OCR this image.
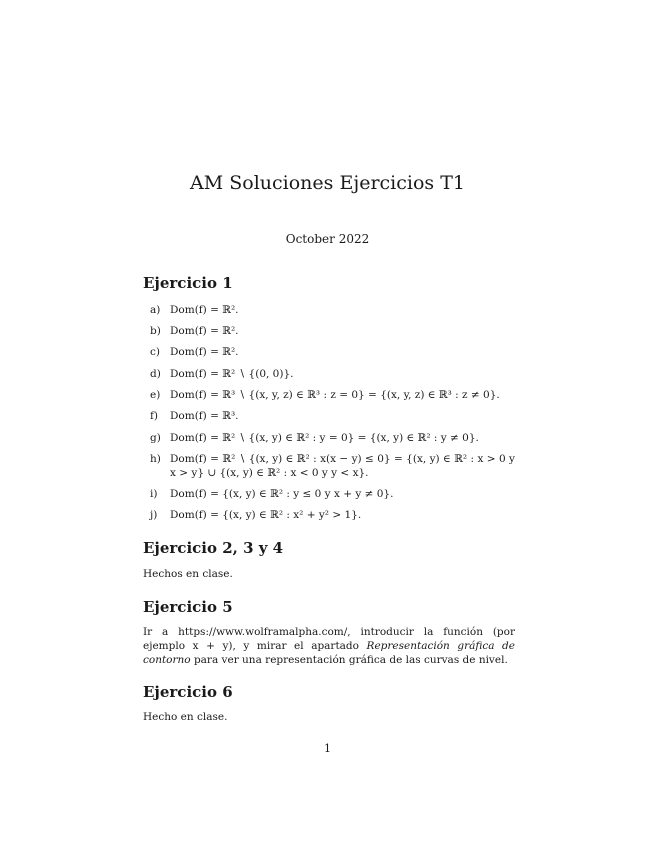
AM Soluciones Ejercicios T1
October 2022
Ejercicio 1
a) Dom(f) = ℝ².
b) Dom(f) = ℝ².
c) Dom(f) = ℝ².
d) Dom(f) = ℝ² ∖ {(0, 0)}.
e) Dom(f) = ℝ³ ∖ {(x, y, z) ∈ ℝ³ : z = 0} = {(x, y, z) ∈ ℝ³ : z ≠ 0}.
f) Dom(f) = ℝ³.
g) Dom(f) = ℝ² ∖ {(x, y) ∈ ℝ² : y = 0} = {(x, y) ∈ ℝ² : y ≠ 0}.
h) Dom(f) = ℝ² ∖ {(x, y) ∈ ℝ² : x(x − y) ≤ 0} = {(x, y) ∈ ℝ² : x > 0 y x > y} ∪ {(x, y) ∈ ℝ² : x < 0 y y < x}.
i) Dom(f) = {(x, y) ∈ ℝ² : y ≤ 0 y x + y ≠ 0}.
j) Dom(f) = {(x, y) ∈ ℝ² : x² + y² > 1}.
Ejercicio 2, 3 y 4
Hechos en clase.
Ejercicio 5
Ir a https://www.wolframalpha.com/, introducir la función (por ejemplo x + y), y mirar el apartado Representación gráfica de contorno para ver una representación gráfica de las curvas de nivel.
Ejercicio 6
Hecho en clase.
1
